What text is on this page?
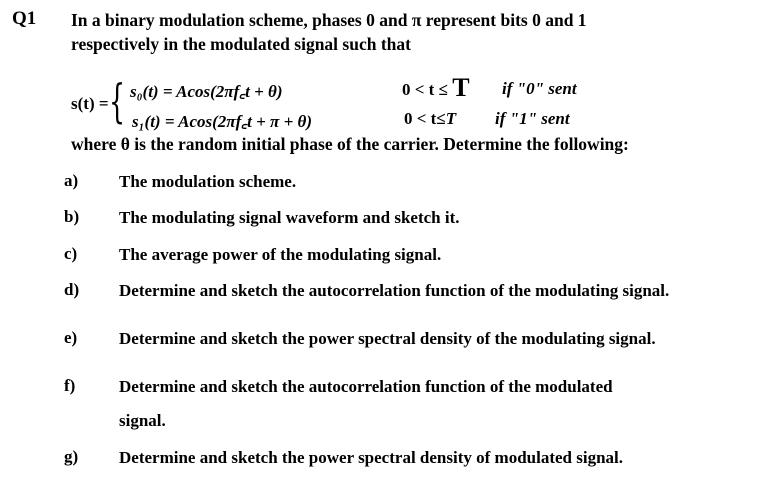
Q1 In a binary modulation scheme, phases 0 and π represent bits 0 and 1
respectively in the modulated signal such that
s(t) = { s₀(t) = Acos(2πf꜀t + θ)	0 < t ≤ T if "0" sent
s₁(t) = Acos(2πf꜀t + π + θ)	0 < t≤T if "1" sent
where θ is the random initial phase of the carrier. Determine the following:
a) The modulation scheme.
b) The modulating signal waveform and sketch it.
c) The average power of the modulating signal.
d) Determine and sketch the autocorrelation function of the modulating signal.
e) Determine and sketch the power spectral density of the modulating signal.
f)	Determine and sketch the autocorrelation function of the modulated
signal.
g) Determine and sketch the power spectral density of modulated signal.
